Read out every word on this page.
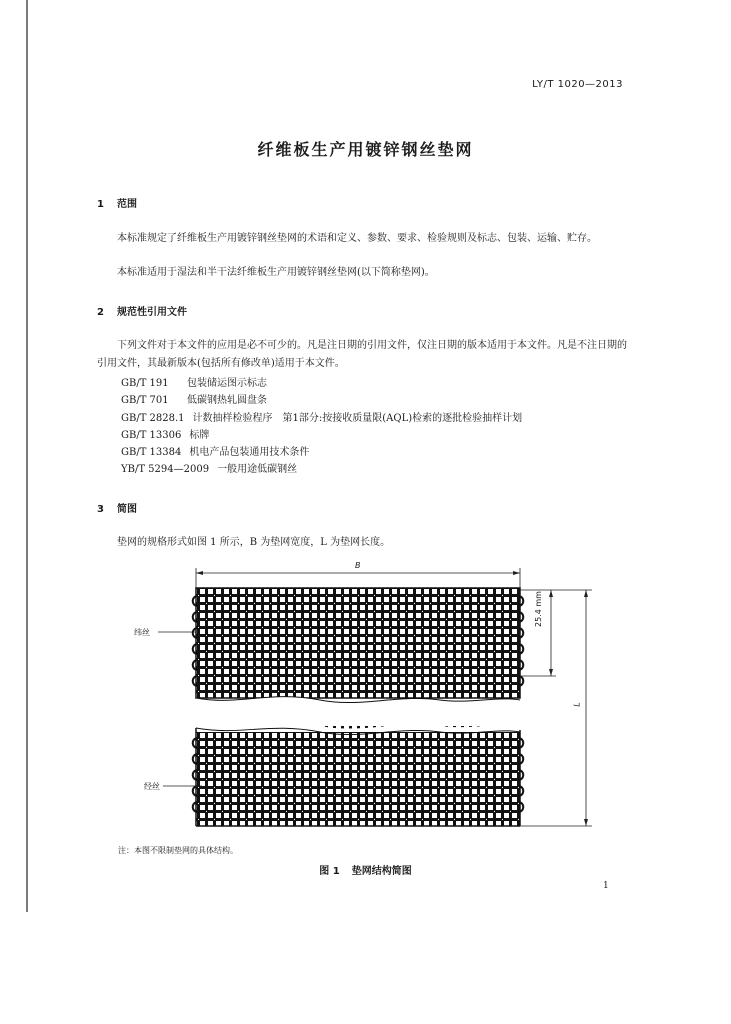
LY/T 1020—2013
纤维板生产用镀锌钢丝垫网
1 范围
本标准规定了纤维板生产用镀锌钢丝垫网的术语和定义、参数、要求、检验规则及标志、包装、运输、贮存。
本标准适用于湿法和半干法纤维板生产用镀锌钢丝垫网(以下简称垫网)。
2 规范性引用文件
下列文件对于本文件的应用是必不可少的。凡是注日期的引用文件，仅注日期的版本适用于本文件。凡是不注日期的引用文件，其最新版本(包括所有修改单)适用于本文件。
GB/T 191 包装储运图示标志
GB/T 701 低碳钢热轧圆盘条
GB/T 2828.1 计数抽样检验程序　第1部分:按接收质量限(AQL)检索的逐批检验抽样计划
GB/T 13306 标牌
GB/T 13384 机电产品包装通用技术条件
YB/T 5294—2009 一般用途低碳钢丝
3 简图
垫网的规格形式如图 1 所示，B 为垫网宽度，L 为垫网长度。
B
25.4 mm
L
纬丝
经丝
注：本图不限制垫网的具体结构。
图 1 垫网结构简图
1
